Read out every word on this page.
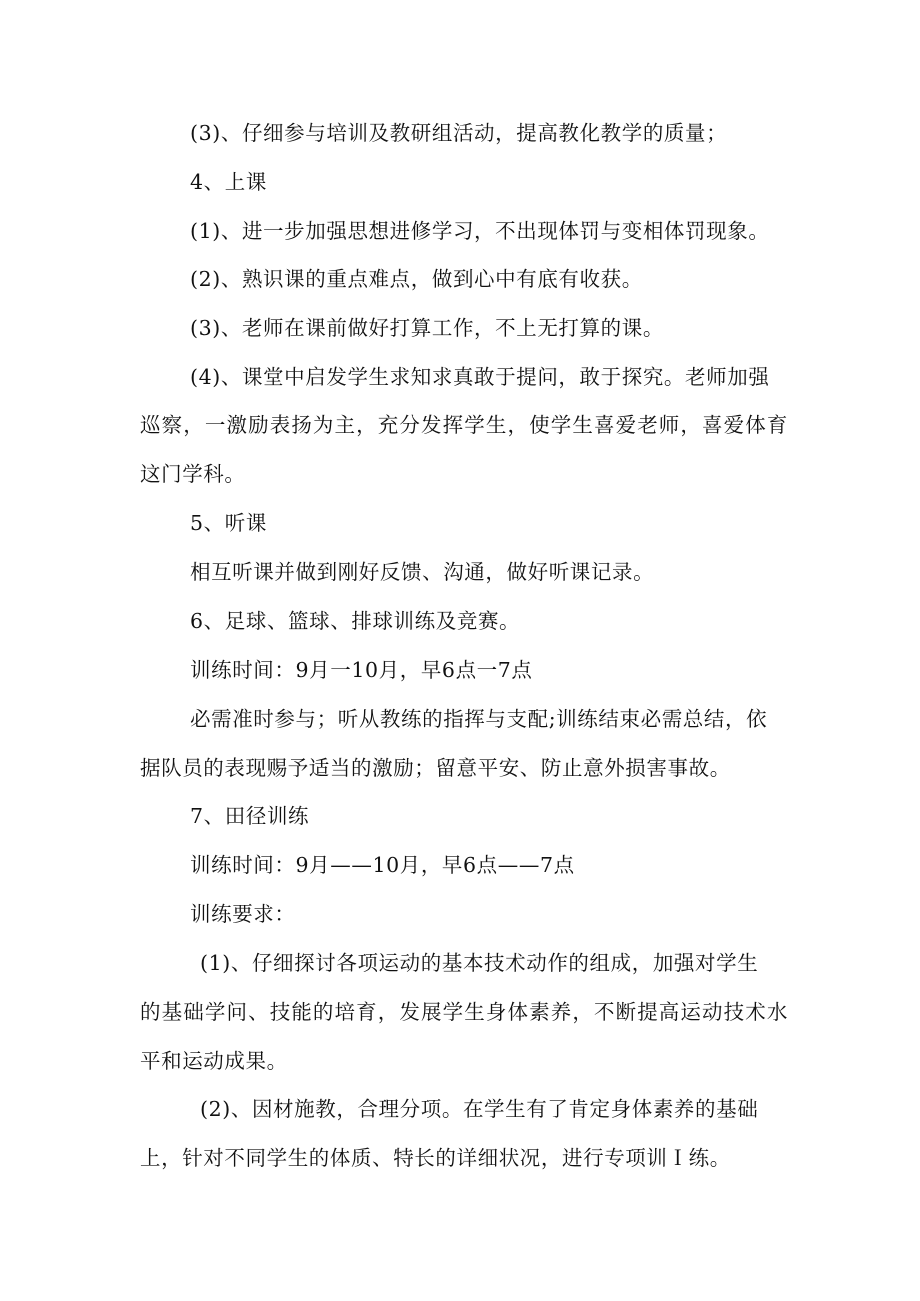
(3)、仔细参与培训及教研组活动，提高教化教学的质量；
4、上课
(1)、进一步加强思想进修学习，不出现体罚与变相体罚现象。
(2)、熟识课的重点难点，做到心中有底有收获。
(3)、老师在课前做好打算工作，不上无打算的课。
(4)、课堂中启发学生求知求真敢于提问，敢于探究。老师加强
巡察，一激励表扬为主，充分发挥学生，使学生喜爱老师，喜爱体育
这门学科。
5、听课
相互听课并做到刚好反馈、沟通，做好听课记录。
6、足球、篮球、排球训练及竞赛。
训练时间：9月一10月，早6点一7点
必需准时参与；听从教练的指挥与支配;训练结束必需总结，依
据队员的表现赐予适当的激励；留意平安、防止意外损害事故。
7、田径训练
训练时间：9月——10月，早6点——7点
训练要求：
(1)、仔细探讨各项运动的基本技术动作的组成，加强对学生
的基础学问、技能的培育，发展学生身体素养，不断提高运动技术水
平和运动成果。
(2)、因材施教，合理分项。在学生有了肯定身体素养的基础
上，针对不同学生的体质、特长的详细状况，进行专项训Ｉ练。
